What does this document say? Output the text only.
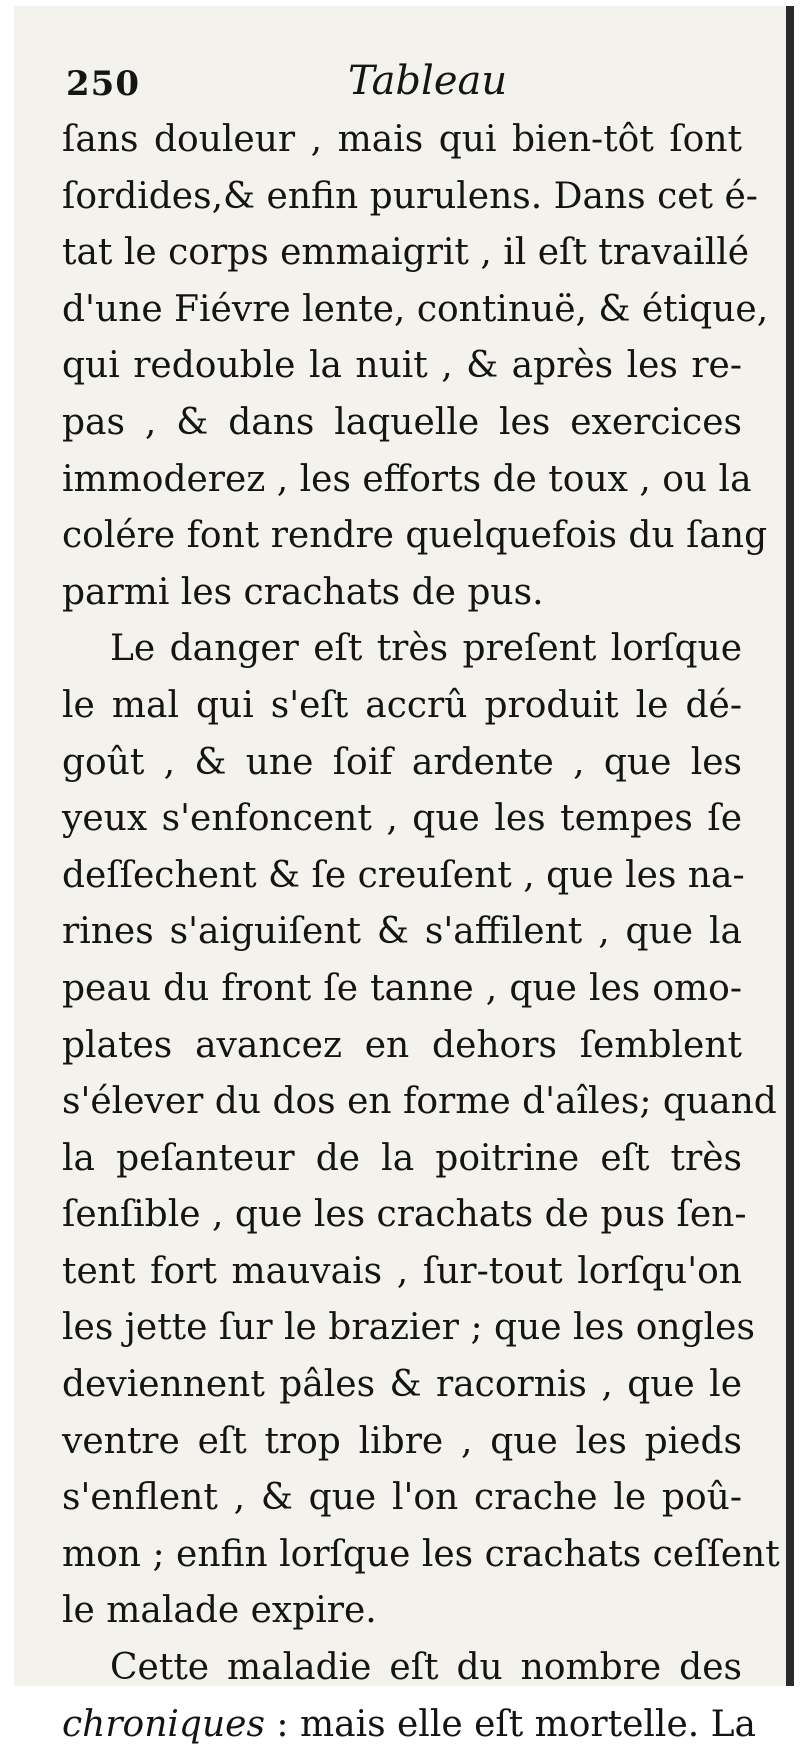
250	Tableau
ſans douleur , mais qui bien-tôt ſont
ſordides,& enfin purulens. Dans cet é-
tat le corps emmaigrit , il eſt travaillé
d'une Fiévre lente, continuë, & étique,
qui redouble la nuit , & après les re-
pas , & dans laquelle les exercices
immoderez , les efforts de toux , ou la
colére font rendre quelquefois du ſang
parmi les crachats de pus.
Le danger eſt très preſent lorſque
le mal qui s'eſt accrû produit le dé-
goût , & une ſoif ardente , que les
yeux s'enfoncent , que les tempes ſe
deſſechent & ſe creuſent , que les na-
rines s'aiguiſent & s'affilent , que la
peau du front ſe tanne , que les omo-
plates avancez en dehors ſemblent
s'élever du dos en forme d'aîles; quand
la peſanteur de la poitrine eſt très
ſenſible , que les crachats de pus ſen-
tent fort mauvais , ſur-tout lorſqu'on
les jette ſur le brazier ; que les ongles
deviennent pâles & racornis , que le
ventre eſt trop libre , que les pieds
s'enflent , & que l'on crache le poû-
mon ; enfin lorſque les crachats ceſſent
le malade expire.
Cette maladie eſt du nombre des
chroniques : mais elle eſt mortelle. La
